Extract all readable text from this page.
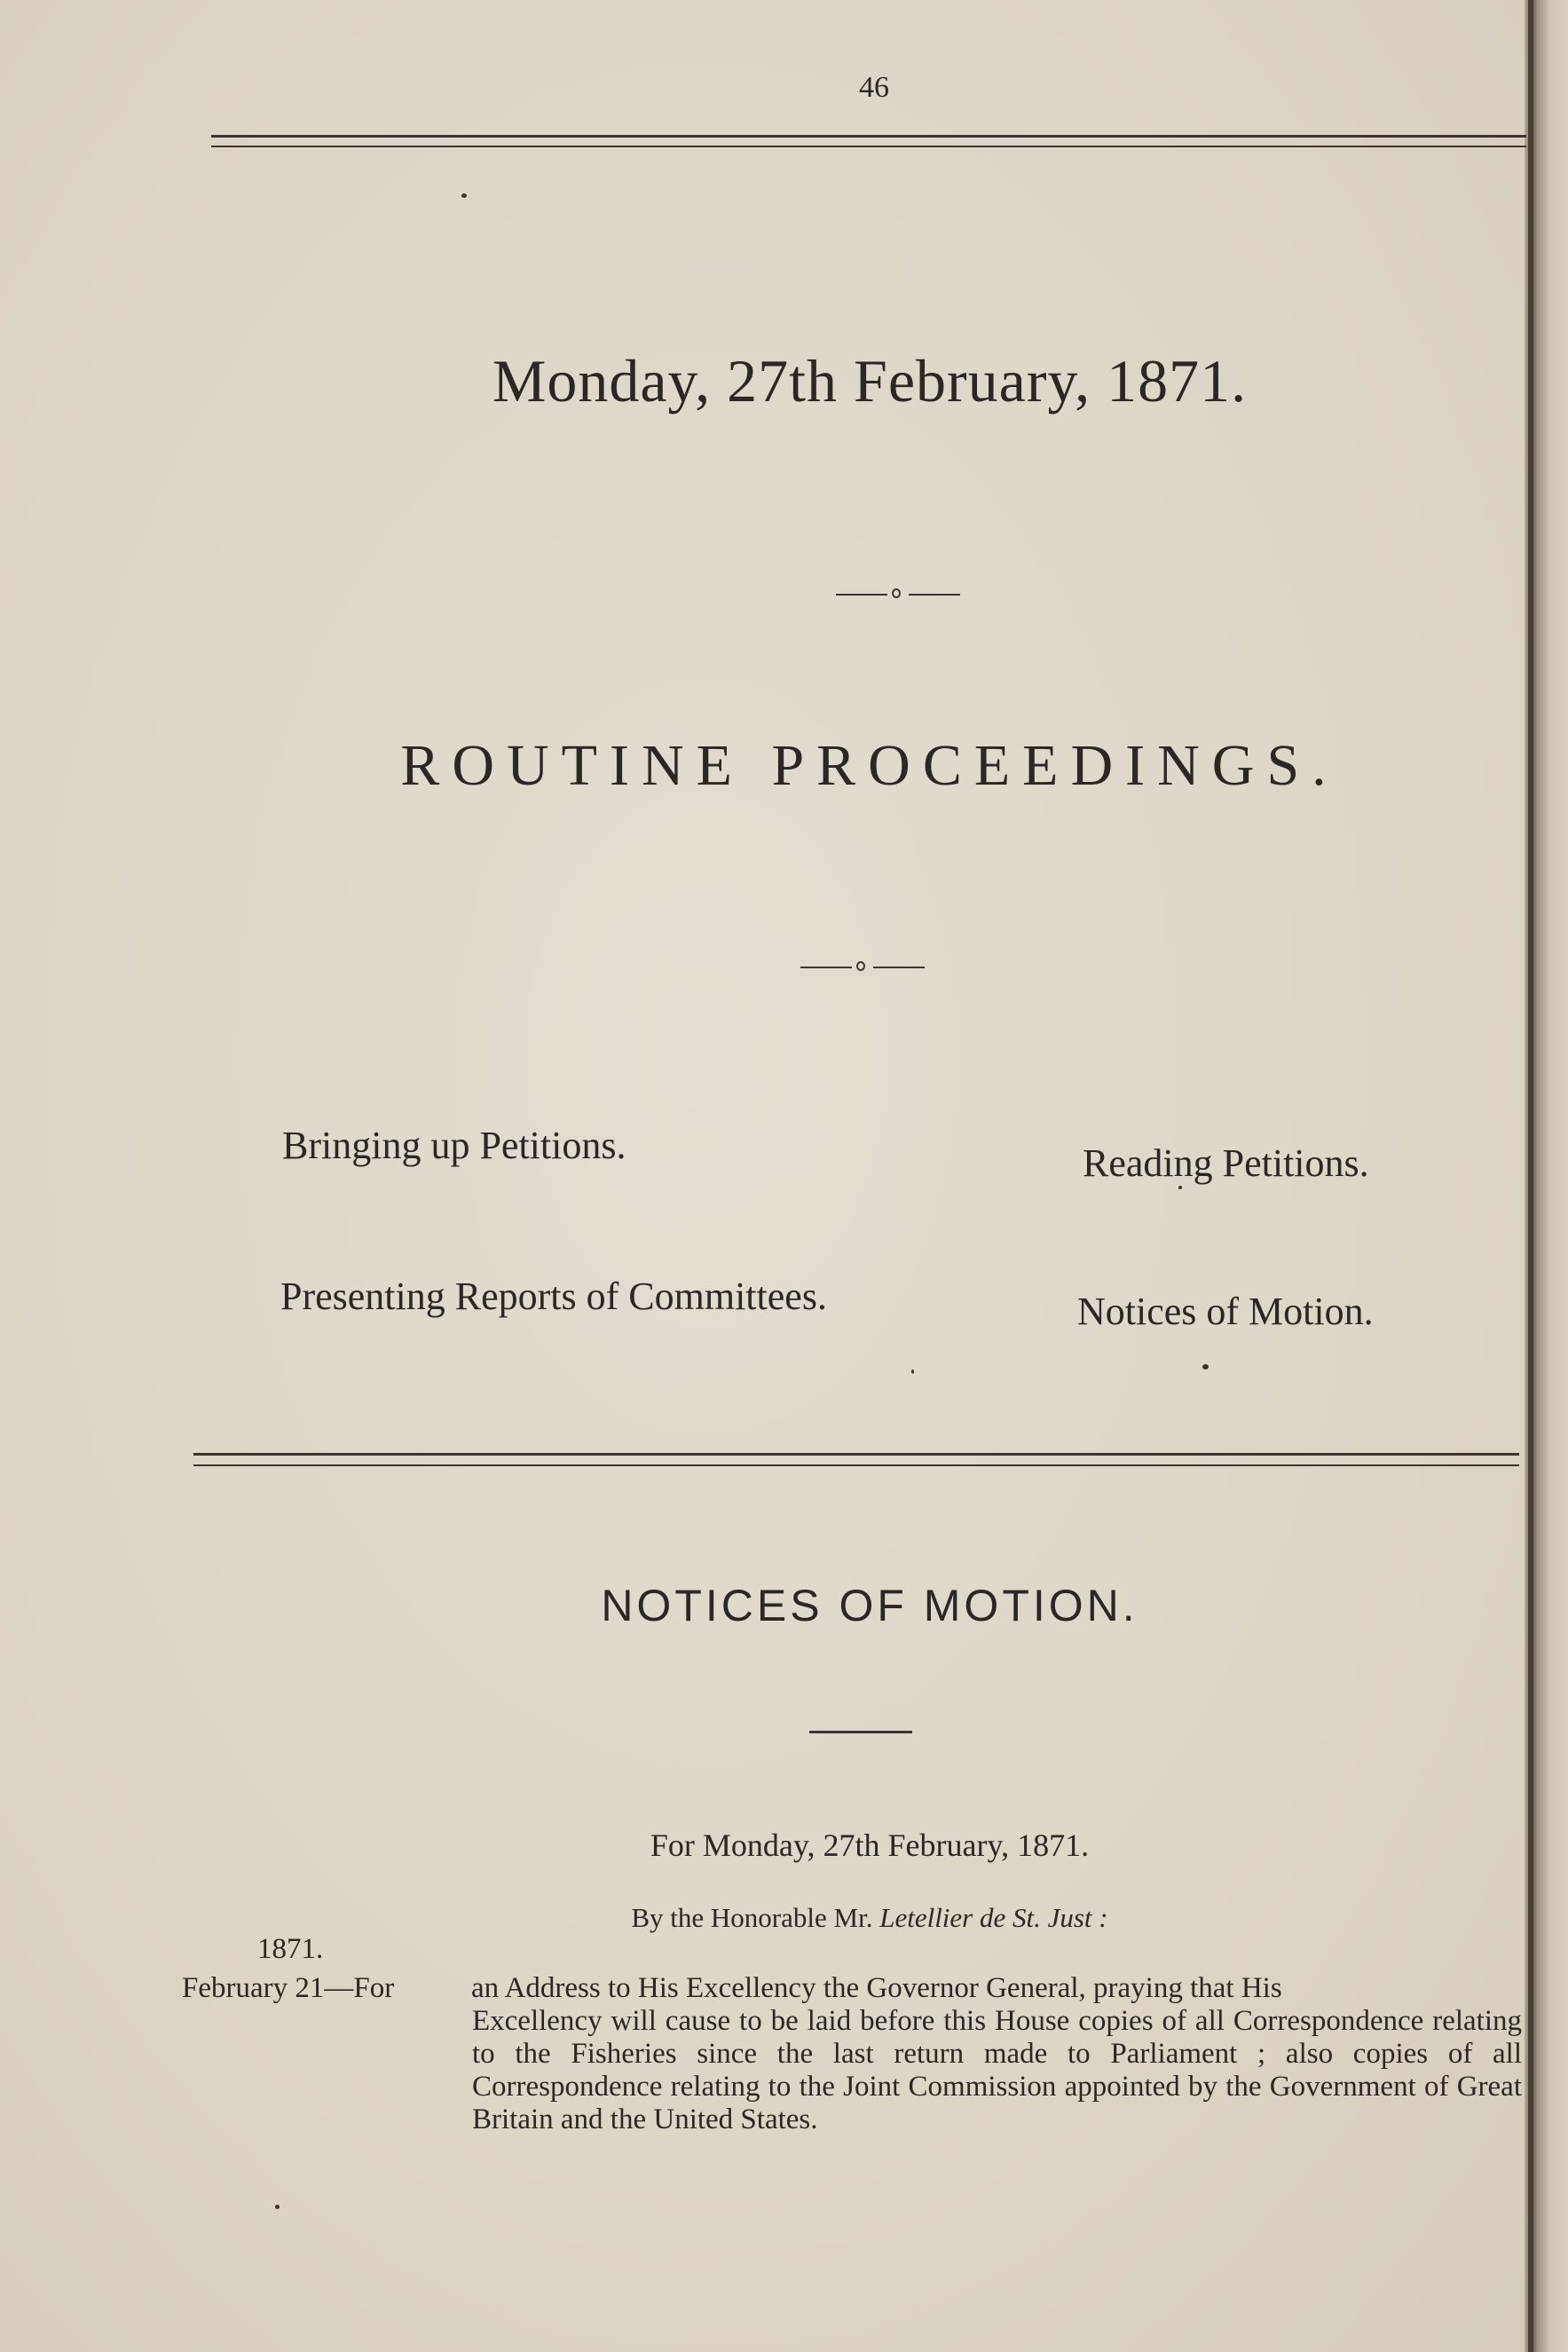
46
Monday, 27th February, 1871.
ROUTINE PROCEEDINGS.
Bringing up Petitions.	Reading Petitions.
Presenting Reports of Committees.	Notices of Motion.
NOTICES OF MOTION.
For Monday, 27th February, 1871.
By the Honorable Mr. Letellier de St. Just :
1871.
February 21—For	an Address to His Excellency the Governor General, praying that His
Excellency will cause to be laid before this House copies of all Correspondence relating to the Fisheries since the last return made to Parliament ; also copies of all Correspondence relating to the Joint Commission appointed by the Government of Great Britain and the United States.
